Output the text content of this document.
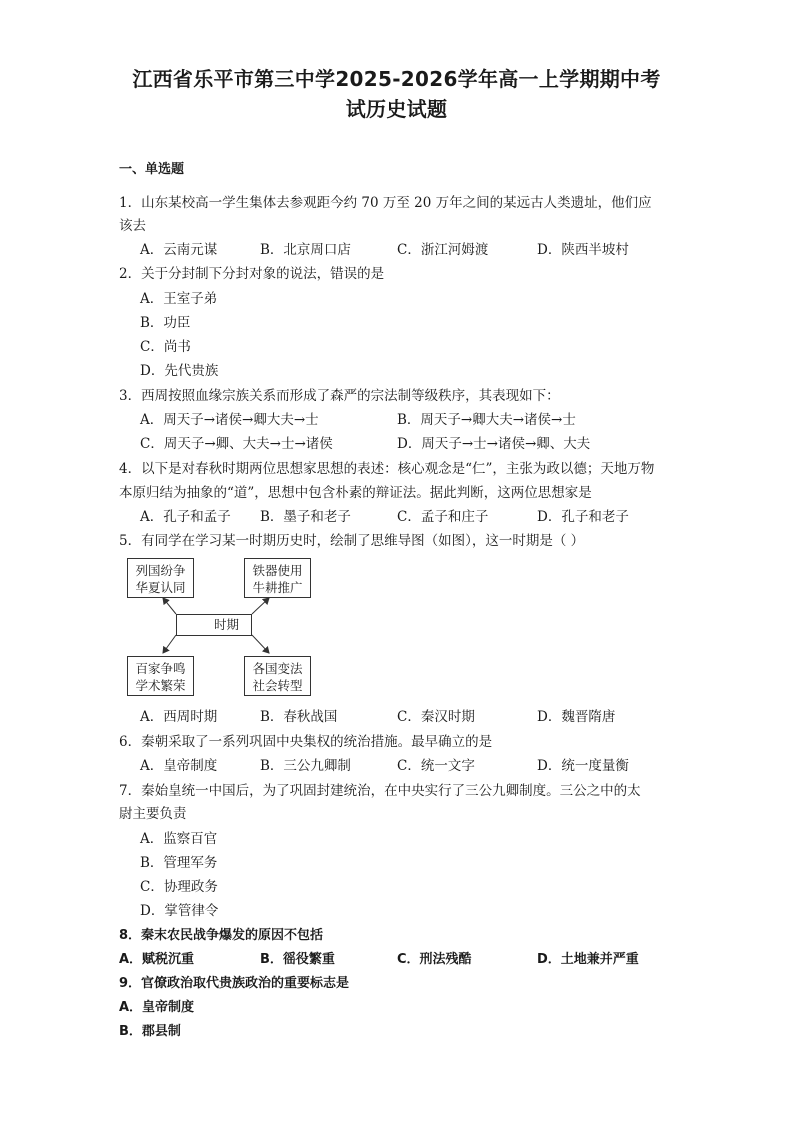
江西省乐平市第三中学2025-2026学年高一上学期期中考
试历史试题
一、单选题
1．山东某校高一学生集体去参观距今约 70 万至 20 万年之间的某远古人类遗址，他们应
该去
A．云南元谋	B．北京周口店	C．浙江河姆渡	D．陕西半坡村
2．关于分封制下分封对象的说法，错误的是
A．王室子弟
B．功臣
C．尚书
D．先代贵族
3．西周按照血缘宗族关系而形成了森严的宗法制等级秩序，其表现如下：
A．周天子→诸侯→卿大夫→士	B．周天子→卿大夫→诸侯→士
C．周天子→卿、大夫→士→诸侯	D．周天子→士→诸侯→卿、大夫
4．以下是对春秋时期两位思想家思想的表述：核心观念是“仁”，主张为政以德；天地万物
本原归结为抽象的“道”，思想中包含朴素的辩证法。据此判断，这两位思想家是
A．孔子和孟子 B．墨子和老子	C．孟子和庄子	D．孔子和老子
5．有同学在学习某一时期历史时，绘制了思维导图（如图），这一时期是（ ）
列国纷争
华夏认同
铁器使用
牛耕推广
时期
百家争鸣
学术繁荣
各国变法
社会转型
A．西周时期	B．春秋战国	C．秦汉时期	D．魏晋隋唐
6．秦朝采取了一系列巩固中央集权的统治措施。最早确立的是
A．皇帝制度	B．三公九卿制	C．统一文字	D．统一度量衡
7．秦始皇统一中国后，为了巩固封建统治，在中央实行了三公九卿制度。三公之中的太
尉主要负责
A．监察百官
B．管理军务
C．协理政务
D．掌管律令
8．秦末农民战争爆发的原因不包括
A．赋税沉重	B．徭役繁重	C．刑法残酷	D．土地兼并严重
9．官僚政治取代贵族政治的重要标志是
A．皇帝制度
B．郡县制
